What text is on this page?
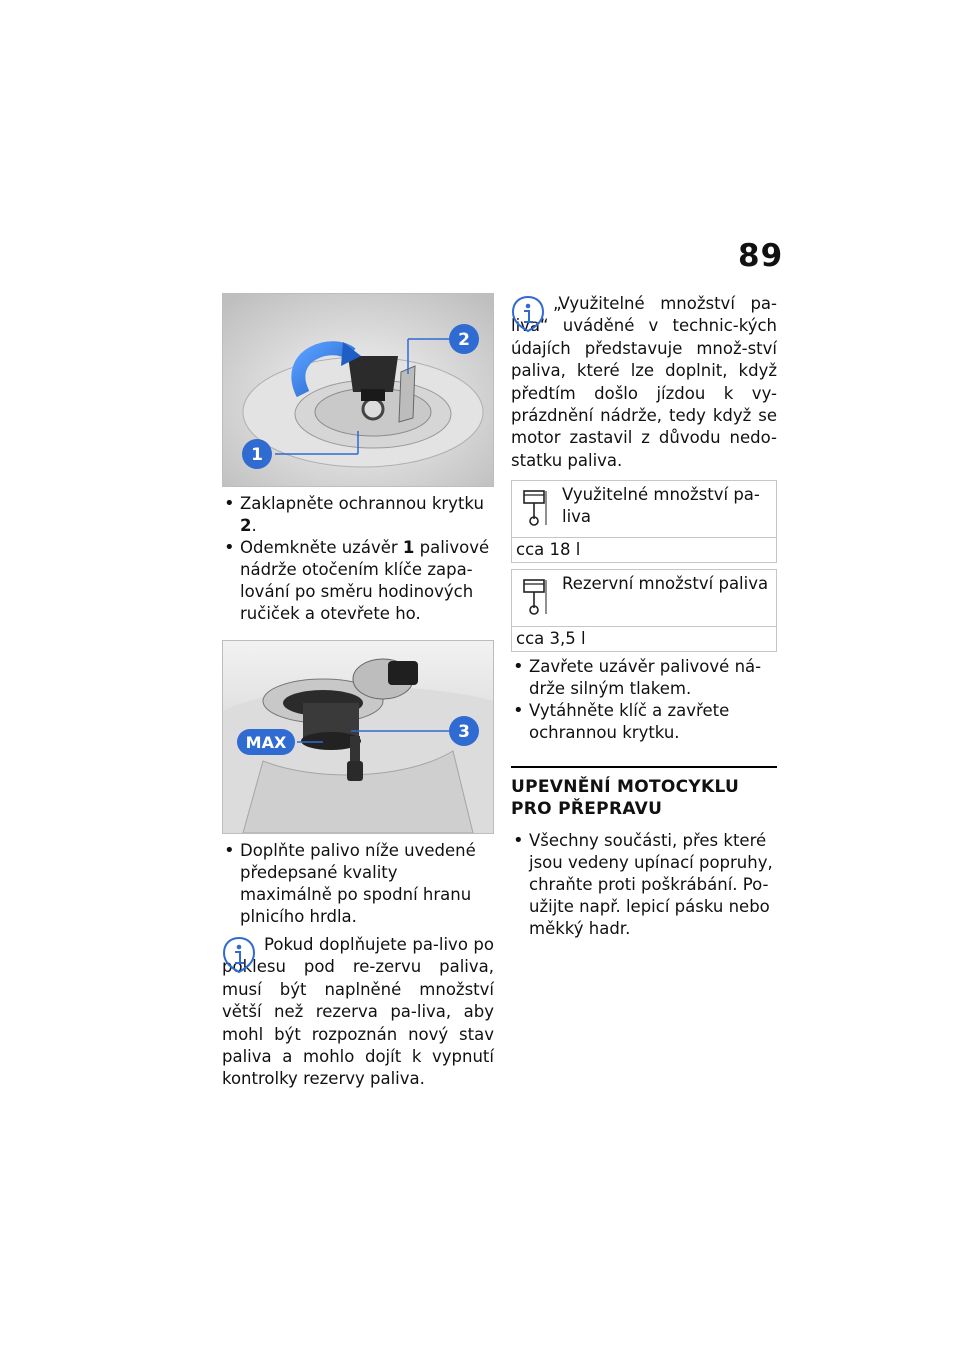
89
1
2
• Zaklapněte ochrannou krytku 2.
• Odemkněte uzávěr 1 palivové nádrže otočením klíče zapa-lování po směru hodinových ručiček a otevřete ho.
MAX
3
• Doplňte palivo níže uvedené předepsané kvality maximálně po spodní hranu plnicího hrdla.
Pokud doplňujete pa-livo po poklesu pod re-zervu paliva, musí být naplněné množství větší než rezerva pa-liva, aby mohl být rozpoznán nový stav paliva a mohlo dojít k vypnutí kontrolky rezervy paliva.
„Využitelné množství pa-liva“ uváděné v technic-kých údajích představuje množ-ství paliva, které lze doplnit, když předtím došlo jízdou k vy-prázdnění nádrže, tedy když se motor zastavil z důvodu nedo-statku paliva.
Využitelné množství pa-liva

cca 18 l
Rezervní množství paliva

cca 3,5 l
• Zavřete uzávěr palivové ná-drže silným tlakem.
• Vytáhněte klíč a zavřete ochrannou krytku.
UPEVNĚNÍ MOTOCYKLU PRO PŘEPRAVU
• Všechny součásti, přes které jsou vedeny upínací popruhy, chraňte proti poškrábání. Po-užijte např. lepicí pásku nebo měkký hadr.
